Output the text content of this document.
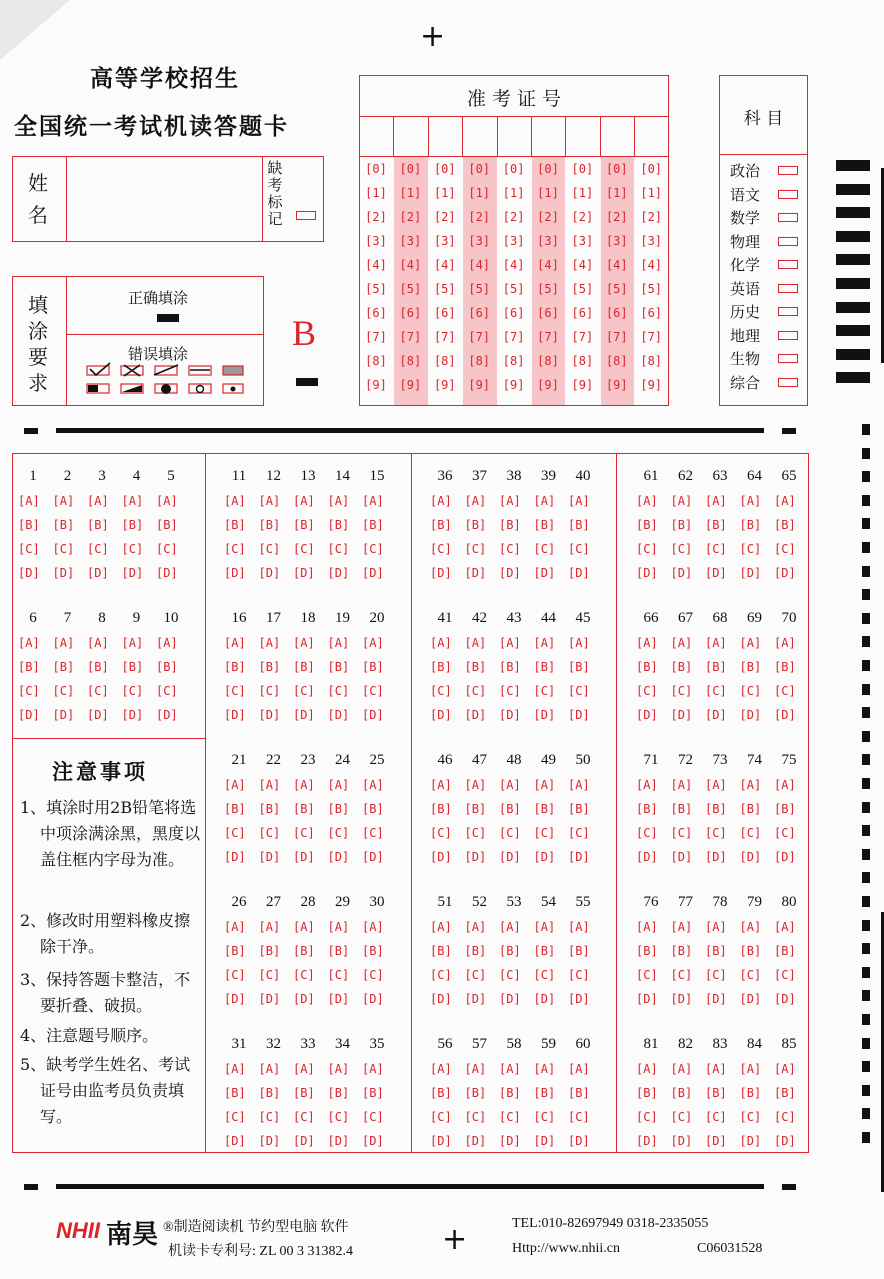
+
+
高等学校招生
全国统一考试机读答题卡
姓
名
缺
考
标
记
填
涂
要
求
正确填涂
错误填涂
B
准 考 证 号
[0]
[1]
[2]
[3]
[4]
[5]
[6]
[7]
[8]
[9]
[0]
[1]
[2]
[3]
[4]
[5]
[6]
[7]
[8]
[9]
[0]
[1]
[2]
[3]
[4]
[5]
[6]
[7]
[8]
[9]
[0]
[1]
[2]
[3]
[4]
[5]
[6]
[7]
[8]
[9]
[0]
[1]
[2]
[3]
[4]
[5]
[6]
[7]
[8]
[9]
[0]
[1]
[2]
[3]
[4]
[5]
[6]
[7]
[8]
[9]
[0]
[1]
[2]
[3]
[4]
[5]
[6]
[7]
[8]
[9]
[0]
[1]
[2]
[3]
[4]
[5]
[6]
[7]
[8]
[9]
[0]
[1]
[2]
[3]
[4]
[5]
[6]
[7]
[8]
[9]
科 目
政治
语文
数学
物理
化学
英语
历史
地理
生物
综合
1
[A]
[B]
[C]
[D]
2
[A]
[B]
[C]
[D]
3
[A]
[B]
[C]
[D]
4
[A]
[B]
[C]
[D]
5
[A]
[B]
[C]
[D]
6
[A]
[B]
[C]
[D]
7
[A]
[B]
[C]
[D]
8
[A]
[B]
[C]
[D]
9
[A]
[B]
[C]
[D]
10
[A]
[B]
[C]
[D]
11
[A]
[B]
[C]
[D]
12
[A]
[B]
[C]
[D]
13
[A]
[B]
[C]
[D]
14
[A]
[B]
[C]
[D]
15
[A]
[B]
[C]
[D]
36
[A]
[B]
[C]
[D]
37
[A]
[B]
[C]
[D]
38
[A]
[B]
[C]
[D]
39
[A]
[B]
[C]
[D]
40
[A]
[B]
[C]
[D]
61
[A]
[B]
[C]
[D]
62
[A]
[B]
[C]
[D]
63
[A]
[B]
[C]
[D]
64
[A]
[B]
[C]
[D]
65
[A]
[B]
[C]
[D]
16
[A]
[B]
[C]
[D]
17
[A]
[B]
[C]
[D]
18
[A]
[B]
[C]
[D]
19
[A]
[B]
[C]
[D]
20
[A]
[B]
[C]
[D]
41
[A]
[B]
[C]
[D]
42
[A]
[B]
[C]
[D]
43
[A]
[B]
[C]
[D]
44
[A]
[B]
[C]
[D]
45
[A]
[B]
[C]
[D]
66
[A]
[B]
[C]
[D]
67
[A]
[B]
[C]
[D]
68
[A]
[B]
[C]
[D]
69
[A]
[B]
[C]
[D]
70
[A]
[B]
[C]
[D]
21
[A]
[B]
[C]
[D]
22
[A]
[B]
[C]
[D]
23
[A]
[B]
[C]
[D]
24
[A]
[B]
[C]
[D]
25
[A]
[B]
[C]
[D]
46
[A]
[B]
[C]
[D]
47
[A]
[B]
[C]
[D]
48
[A]
[B]
[C]
[D]
49
[A]
[B]
[C]
[D]
50
[A]
[B]
[C]
[D]
71
[A]
[B]
[C]
[D]
72
[A]
[B]
[C]
[D]
73
[A]
[B]
[C]
[D]
74
[A]
[B]
[C]
[D]
75
[A]
[B]
[C]
[D]
26
[A]
[B]
[C]
[D]
27
[A]
[B]
[C]
[D]
28
[A]
[B]
[C]
[D]
29
[A]
[B]
[C]
[D]
30
[A]
[B]
[C]
[D]
51
[A]
[B]
[C]
[D]
52
[A]
[B]
[C]
[D]
53
[A]
[B]
[C]
[D]
54
[A]
[B]
[C]
[D]
55
[A]
[B]
[C]
[D]
76
[A]
[B]
[C]
[D]
77
[A]
[B]
[C]
[D]
78
[A]
[B]
[C]
[D]
79
[A]
[B]
[C]
[D]
80
[A]
[B]
[C]
[D]
31
[A]
[B]
[C]
[D]
32
[A]
[B]
[C]
[D]
33
[A]
[B]
[C]
[D]
34
[A]
[B]
[C]
[D]
35
[A]
[B]
[C]
[D]
56
[A]
[B]
[C]
[D]
57
[A]
[B]
[C]
[D]
58
[A]
[B]
[C]
[D]
59
[A]
[B]
[C]
[D]
60
[A]
[B]
[C]
[D]
81
[A]
[B]
[C]
[D]
82
[A]
[B]
[C]
[D]
83
[A]
[B]
[C]
[D]
84
[A]
[B]
[C]
[D]
85
[A]
[B]
[C]
[D]
注意事项
1、填涂时用2B铅笔将选中项涂满涂黑，黑度以盖住框内字母为准。
2、修改时用塑料橡皮擦除干净。
3、保持答题卡整洁，不要折叠、破损。
4、注意题号顺序。
5、缺考学生姓名、考试证号由监考员负责填写。
NHII 南昊 ®制造阅读机 节约型电脑 软件
机读卡专利号: ZL 00 3 31382.4
TEL:010-82697949 0318-2335055
Http://www.nhii.cn	C06031528
